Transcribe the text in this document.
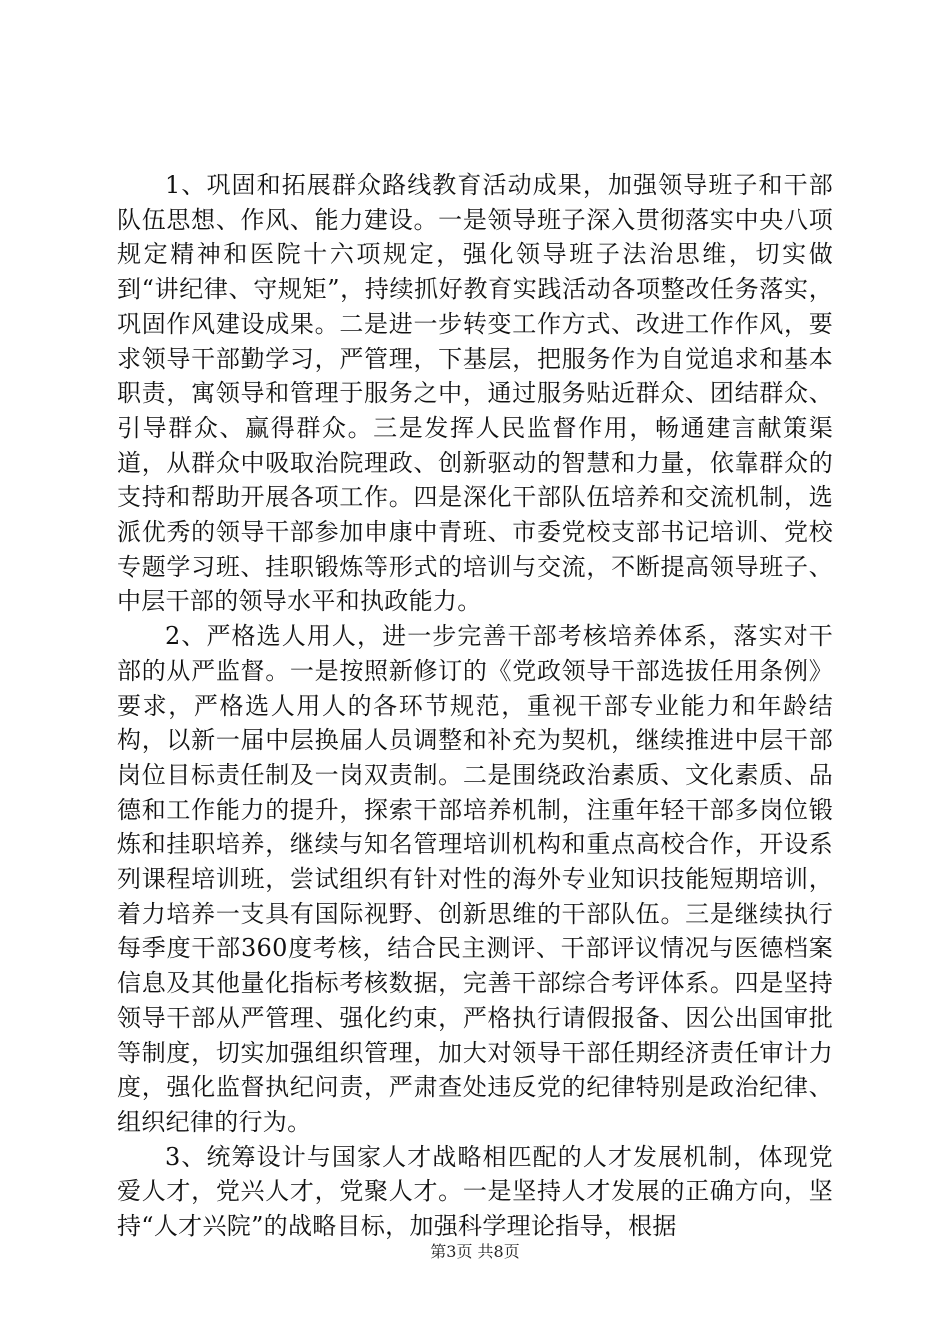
1、巩固和拓展群众路线教育活动成果，加强领导班子和干部队伍思想、作风、能力建设。一是领导班子深入贯彻落实中央八项规定精神和医院十六项规定，强化领导班子法治思维，切实做到“讲纪律、守规矩”，持续抓好教育实践活动各项整改任务落实，巩固作风建设成果。二是进一步转变工作方式、改进工作作风，要求领导干部勤学习，严管理，下基层，把服务作为自觉追求和基本职责，寓领导和管理于服务之中，通过服务贴近群众、团结群众、引导群众、赢得群众。三是发挥人民监督作用，畅通建言献策渠道，从群众中吸取治院理政、创新驱动的智慧和力量，依靠群众的支持和帮助开展各项工作。四是深化干部队伍培养和交流机制，选派优秀的领导干部参加申康中青班、市委党校支部书记培训、党校专题学习班、挂职锻炼等形式的培训与交流，不断提高领导班子、中层干部的领导水平和执政能力。

2、严格选人用人，进一步完善干部考核培养体系，落实对干部的从严监督。一是按照新修订的《党政领导干部选拔任用条例》要求，严格选人用人的各环节规范，重视干部专业能力和年龄结构，以新一届中层换届人员调整和补充为契机，继续推进中层干部岗位目标责任制及一岗双责制。二是围绕政治素质、文化素质、品德和工作能力的提升，探索干部培养机制，注重年轻干部多岗位锻炼和挂职培养，继续与知名管理培训机构和重点高校合作，开设系列课程培训班，尝试组织有针对性的海外专业知识技能短期培训，着力培养一支具有国际视野、创新思维的干部队伍。三是继续执行每季度干部360度考核，结合民主测评、干部评议情况与医德档案信息及其他量化指标考核数据，完善干部综合考评体系。四是坚持领导干部从严管理、强化约束，严格执行请假报备、因公出国审批等制度，切实加强组织管理，加大对领导干部任期经济责任审计力度，强化监督执纪问责，严肃查处违反党的纪律特别是政治纪律、组织纪律的行为。

3、统筹设计与国家人才战略相匹配的人才发展机制，体现党爱人才，党兴人才，党聚人才。一是坚持人才发展的正确方向，坚持“人才兴院”的战略目标，加强科学理论指导，根据

第3页 共8页
